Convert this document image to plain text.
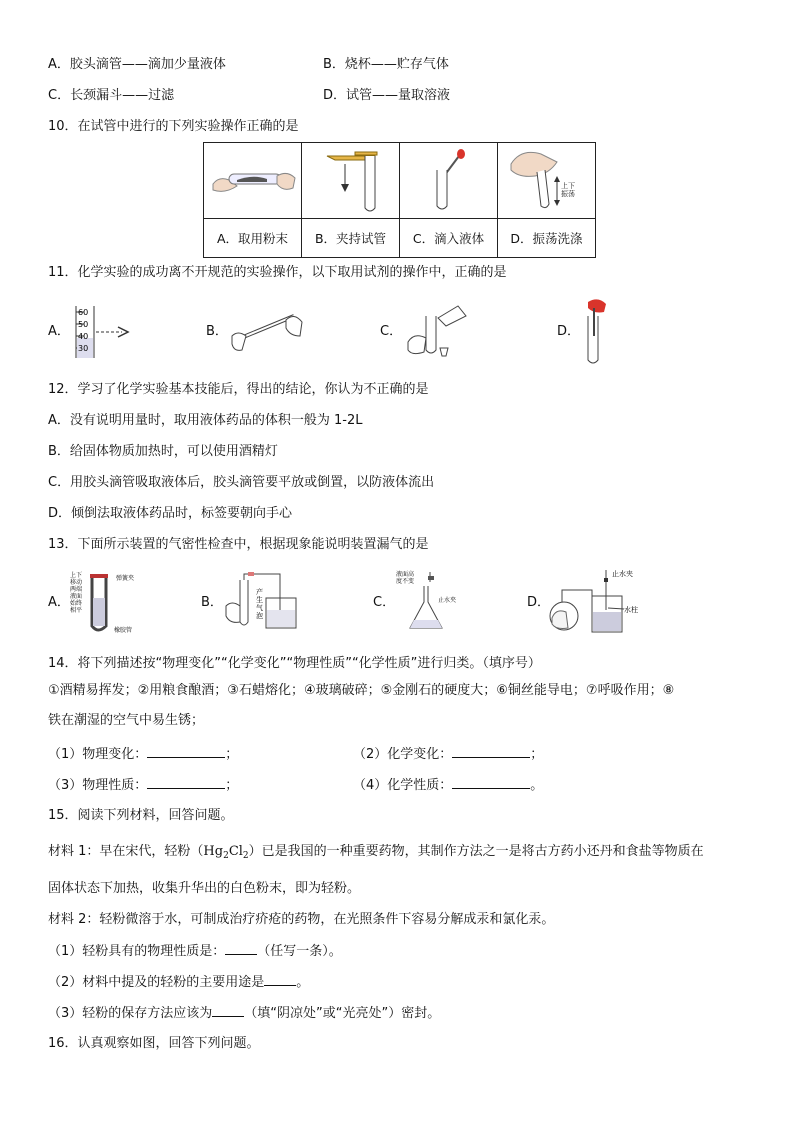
A．胶头滴管——滴加少量液体	B．烧杯——贮存气体
C．长颈漏斗——过滤	D．试管——量取溶液
10．在试管中进行的下列实验操作正确的是

上下
振荡

A．取用粉末	B．夹持试管	C．滴入液体	D．振荡洗涤
11．化学实验的成功离不开规范的实验操作，以下取用试剂的操作中，正确的是
A．
60
50
40
30
B．	C．	D．
12．学习了化学实验基本技能后，得出的结论，你认为不正确的是
A．没有说明用量时，取用液体药品的体积一般为 1-2L
B．给固体物质加热时，可以使用酒精灯
C．用胶头滴管吸取液体后，胶头滴管要平放或倒置，以防液体流出
D．倾倒法取液体药品时，标签要朝向手心
13．下面所示装置的气密性检查中，根据现象能说明装置漏气的是
A．
上下
移动
两端
液面
始终
相平
弹簧夹
橡胶管
B．
产
生
气
泡
C．
液面高
度不变
止水夹	D．
止水夹
水柱
14．将下列描述按“物理变化”“化学变化”“物理性质”“化学性质”进行归类。（填序号）
①酒精易挥发；②用粮食酿酒；③石蜡熔化；④玻璃破碎；⑤金刚石的硬度大；⑥铜丝能导电；⑦呼吸作用；⑧
铁在潮湿的空气中易生锈；
（1）物理变化：	；	（2）化学变化：	；
（3）物理性质：	；	（4）化学性质：	。
15．阅读下列材料，回答问题。
材料 1：早在宋代，轻粉$(Hg_2Cl_2)$已是我国的一种重要药物，其制作方法之一是将古方药小还丹和食盐等物质在
固体状态下加热，收集升华出的白色粉末，即为轻粉。
材料 2：轻粉微溶于水，可制成治疗疥疮的药物，在光照条件下容易分解成汞和氯化汞。
（1）轻粉具有的物理性质是： （任写一条）。
（2）材料中提及的轻粉的主要用途是 。
（3）轻粉的保存方法应该为 （填“阴凉处”或“光亮处”）密封。
16．认真观察如图，回答下列问题。
